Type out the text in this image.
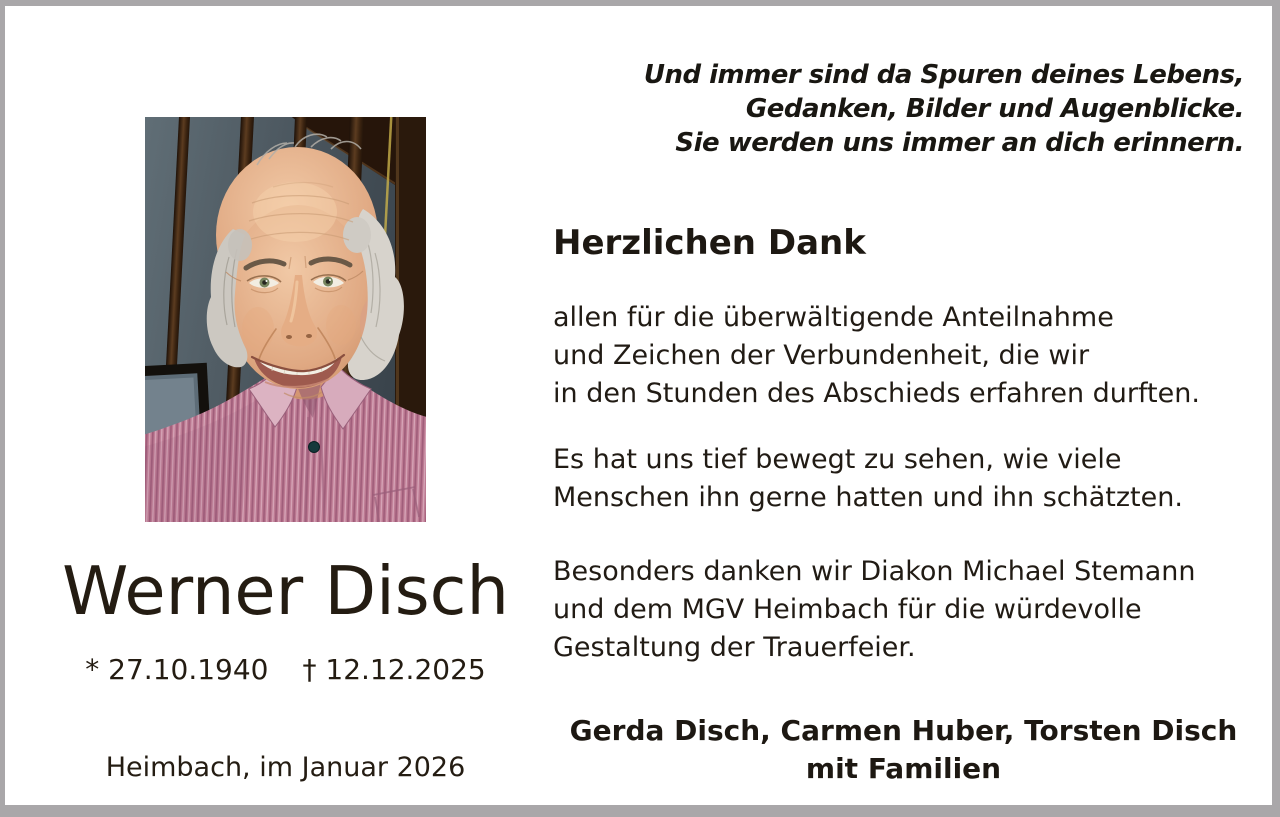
Und immer sind da Spuren deines Lebens,
Gedanken, Bilder und Augenblicke.
Sie werden uns immer an dich erinnern.
Werner Disch
* 27.10.1940 † 12.12.2025
Heimbach, im Januar 2026
Herzlichen Dank
allen für die überwältigende Anteilnahme
und Zeichen der Verbundenheit, die wir
in den Stunden des Abschieds erfahren durften.
Es hat uns tief bewegt zu sehen, wie viele
Menschen ihn gerne hatten und ihn schätzten.
Besonders danken wir Diakon Michael Stemann
und dem MGV Heimbach für die würdevolle
Gestaltung der Trauerfeier.
Gerda Disch, Carmen Huber, Torsten Disch
mit Familien
